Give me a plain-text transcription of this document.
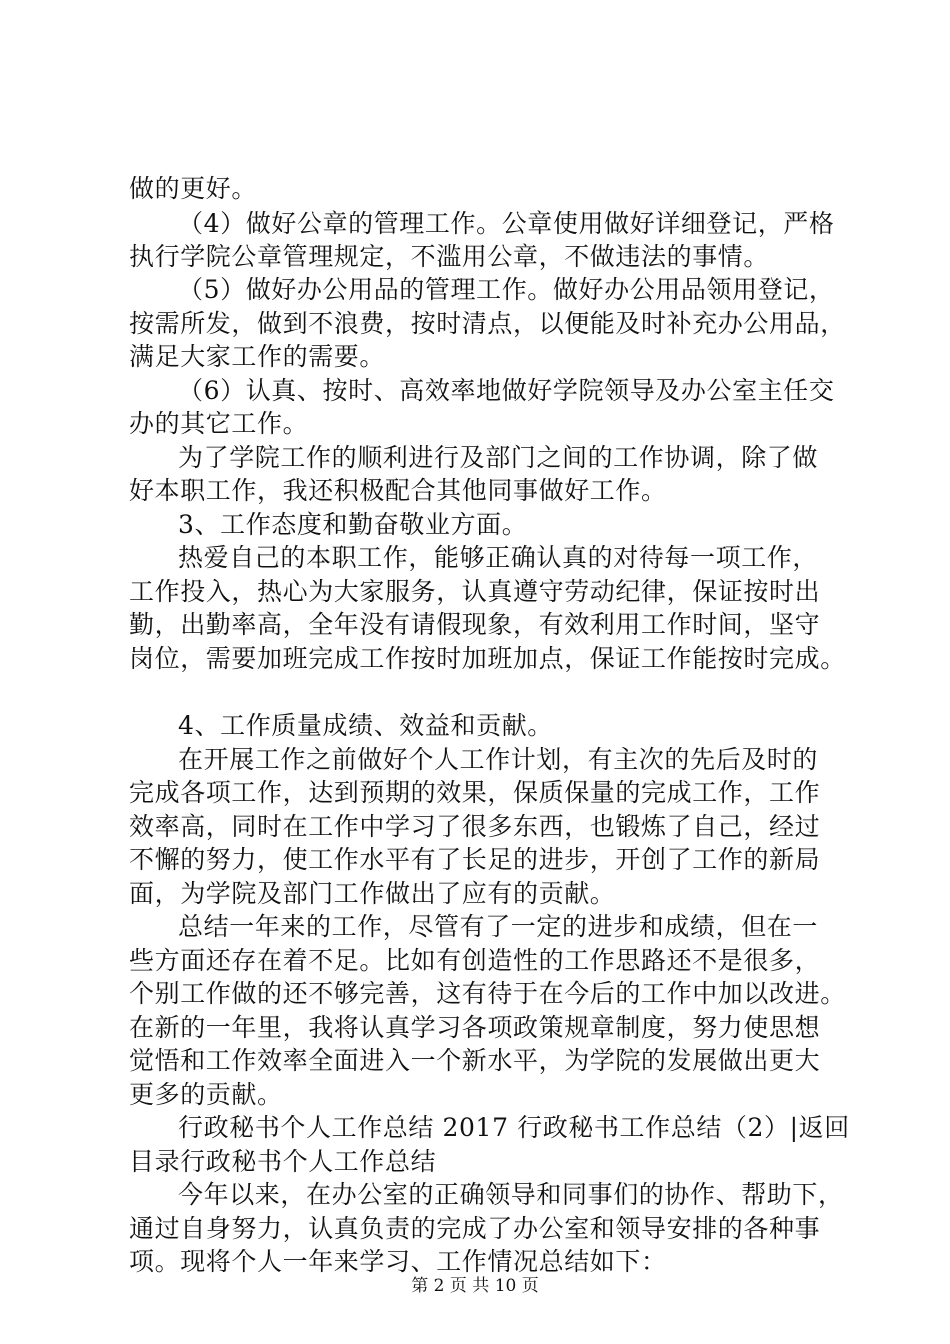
做的更好。
（4）做好公章的管理工作。公章使用做好详细登记，严格
执行学院公章管理规定，不滥用公章，不做违法的事情。
（5）做好办公用品的管理工作。做好办公用品领用登记，
按需所发，做到不浪费，按时清点，以便能及时补充办公用品，
满足大家工作的需要。
（6）认真、按时、高效率地做好学院领导及办公室主任交
办的其它工作。
为了学院工作的顺利进行及部门之间的工作协调，除了做
好本职工作，我还积极配合其他同事做好工作。
3、工作态度和勤奋敬业方面。
热爱自己的本职工作，能够正确认真的对待每一项工作，
工作投入，热心为大家服务，认真遵守劳动纪律，保证按时出
勤，出勤率高，全年没有请假现象，有效利用工作时间，坚守
岗位，需要加班完成工作按时加班加点，保证工作能按时完成。
4、工作质量成绩、效益和贡献。
在开展工作之前做好个人工作计划，有主次的先后及时的
完成各项工作，达到预期的效果，保质保量的完成工作，工作
效率高，同时在工作中学习了很多东西，也锻炼了自己，经过
不懈的努力，使工作水平有了长足的进步，开创了工作的新局
面，为学院及部门工作做出了应有的贡献。
总结一年来的工作，尽管有了一定的进步和成绩，但在一
些方面还存在着不足。比如有创造性的工作思路还不是很多，
个别工作做的还不够完善，这有待于在今后的工作中加以改进。
在新的一年里，我将认真学习各项政策规章制度，努力使思想
觉悟和工作效率全面进入一个新水平，为学院的发展做出更大
更多的贡献。
行政秘书个人工作总结 2017 行政秘书工作总结（2）|返回
目录行政秘书个人工作总结
今年以来，在办公室的正确领导和同事们的协作、帮助下，
通过自身努力，认真负责的完成了办公室和领导安排的各种事
项。现将个人一年来学习、工作情况总结如下：
第 2 页 共 10 页
